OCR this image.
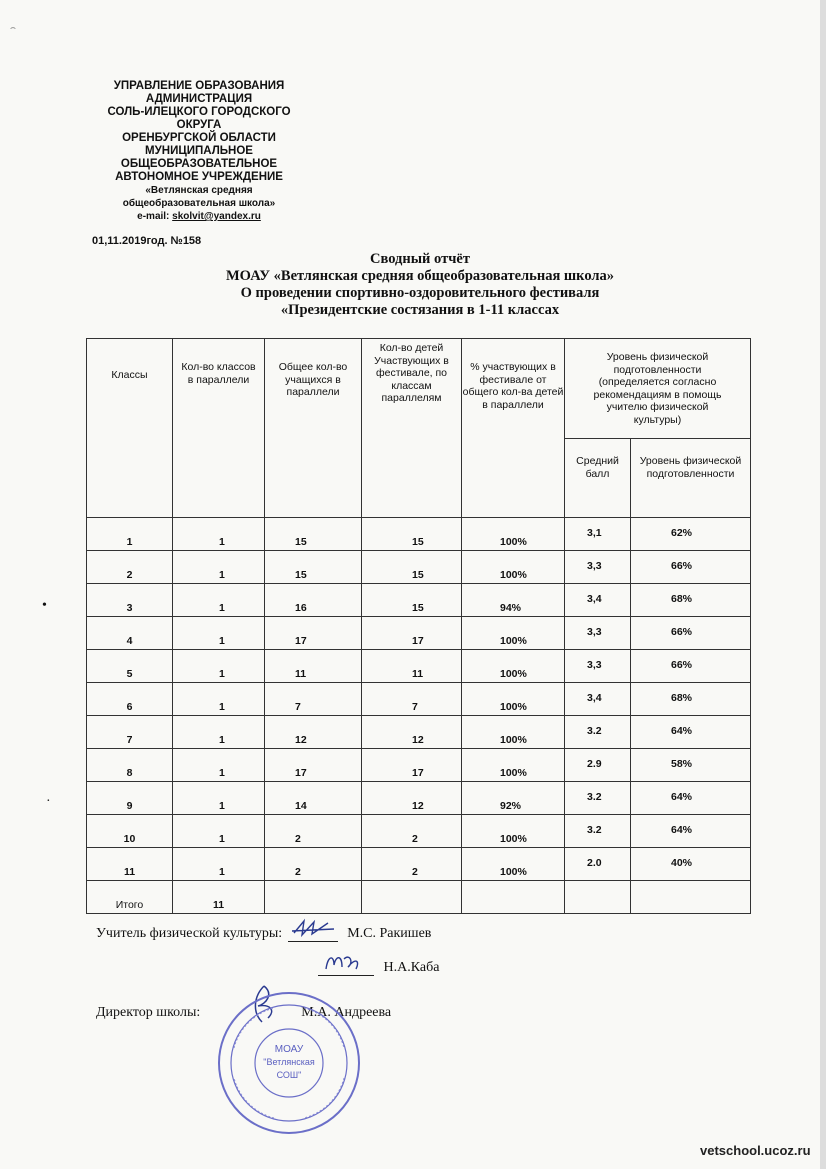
⌢
УПРАВЛЕНИЕ ОБРАЗОВАНИЯ
АДМИНИСТРАЦИЯ
СОЛЬ-ИЛЕЦКОГО ГОРОДСКОГО
ОКРУГА
ОРЕНБУРГСКОЙ ОБЛАСТИ
МУНИЦИПАЛЬНОЕ
ОБЩЕОБРАЗОВАТЕЛЬНОЕ
АВТОНОМНОЕ УЧРЕЖДЕНИЕ
«Ветлянская средняя
общеобразовательная школа»
e-mail: skolvit@yandex.ru
01,11.2019год. №158
Сводный отчёт
МОАУ «Ветлянская средняя общеобразовательная школа»
О проведении спортивно-оздоровительного фестиваля
«Президентские состязания в 1-11 классах
Классы	Кол-во классов в параллели	Общее кол-во учащихся в параллели	Кол-во детей Участвующих в фестивале, по классам параллелям	% участвующих в фестивале от общего кол-ва детей в параллели	Уровень физической подготовленности (определяется согласно рекомендациям в помощь учителю физической культуры)	
					Средний балл	Уровень физической подготовленности
1	1	15	15	100%	3,1	62%
2	1	15	15	100%	3,3	66%
3	1	16	15	94%	3,4	68%
4	1	17	17	100%	3,3	66%
5	1	11	11	100%	3,3	66%
6	1	7	7	100%	3,4	68%
7	1	12	12	100%	3.2	64%
8	1	17	17	100%	2.9	58%
9	1	14	12	92%	3.2	64%
10	1	2	2	100%	3.2	64%
11	1	2	2	100%	2.0	40%
Итого	11					
Учитель физической культуры:	М.С. Ракишев
Н.А.Каба
Директор школы:	М.А. Андреева
МОАУ
"Ветлянская
СОШ"
•
·
vetschool.ucoz.ru
